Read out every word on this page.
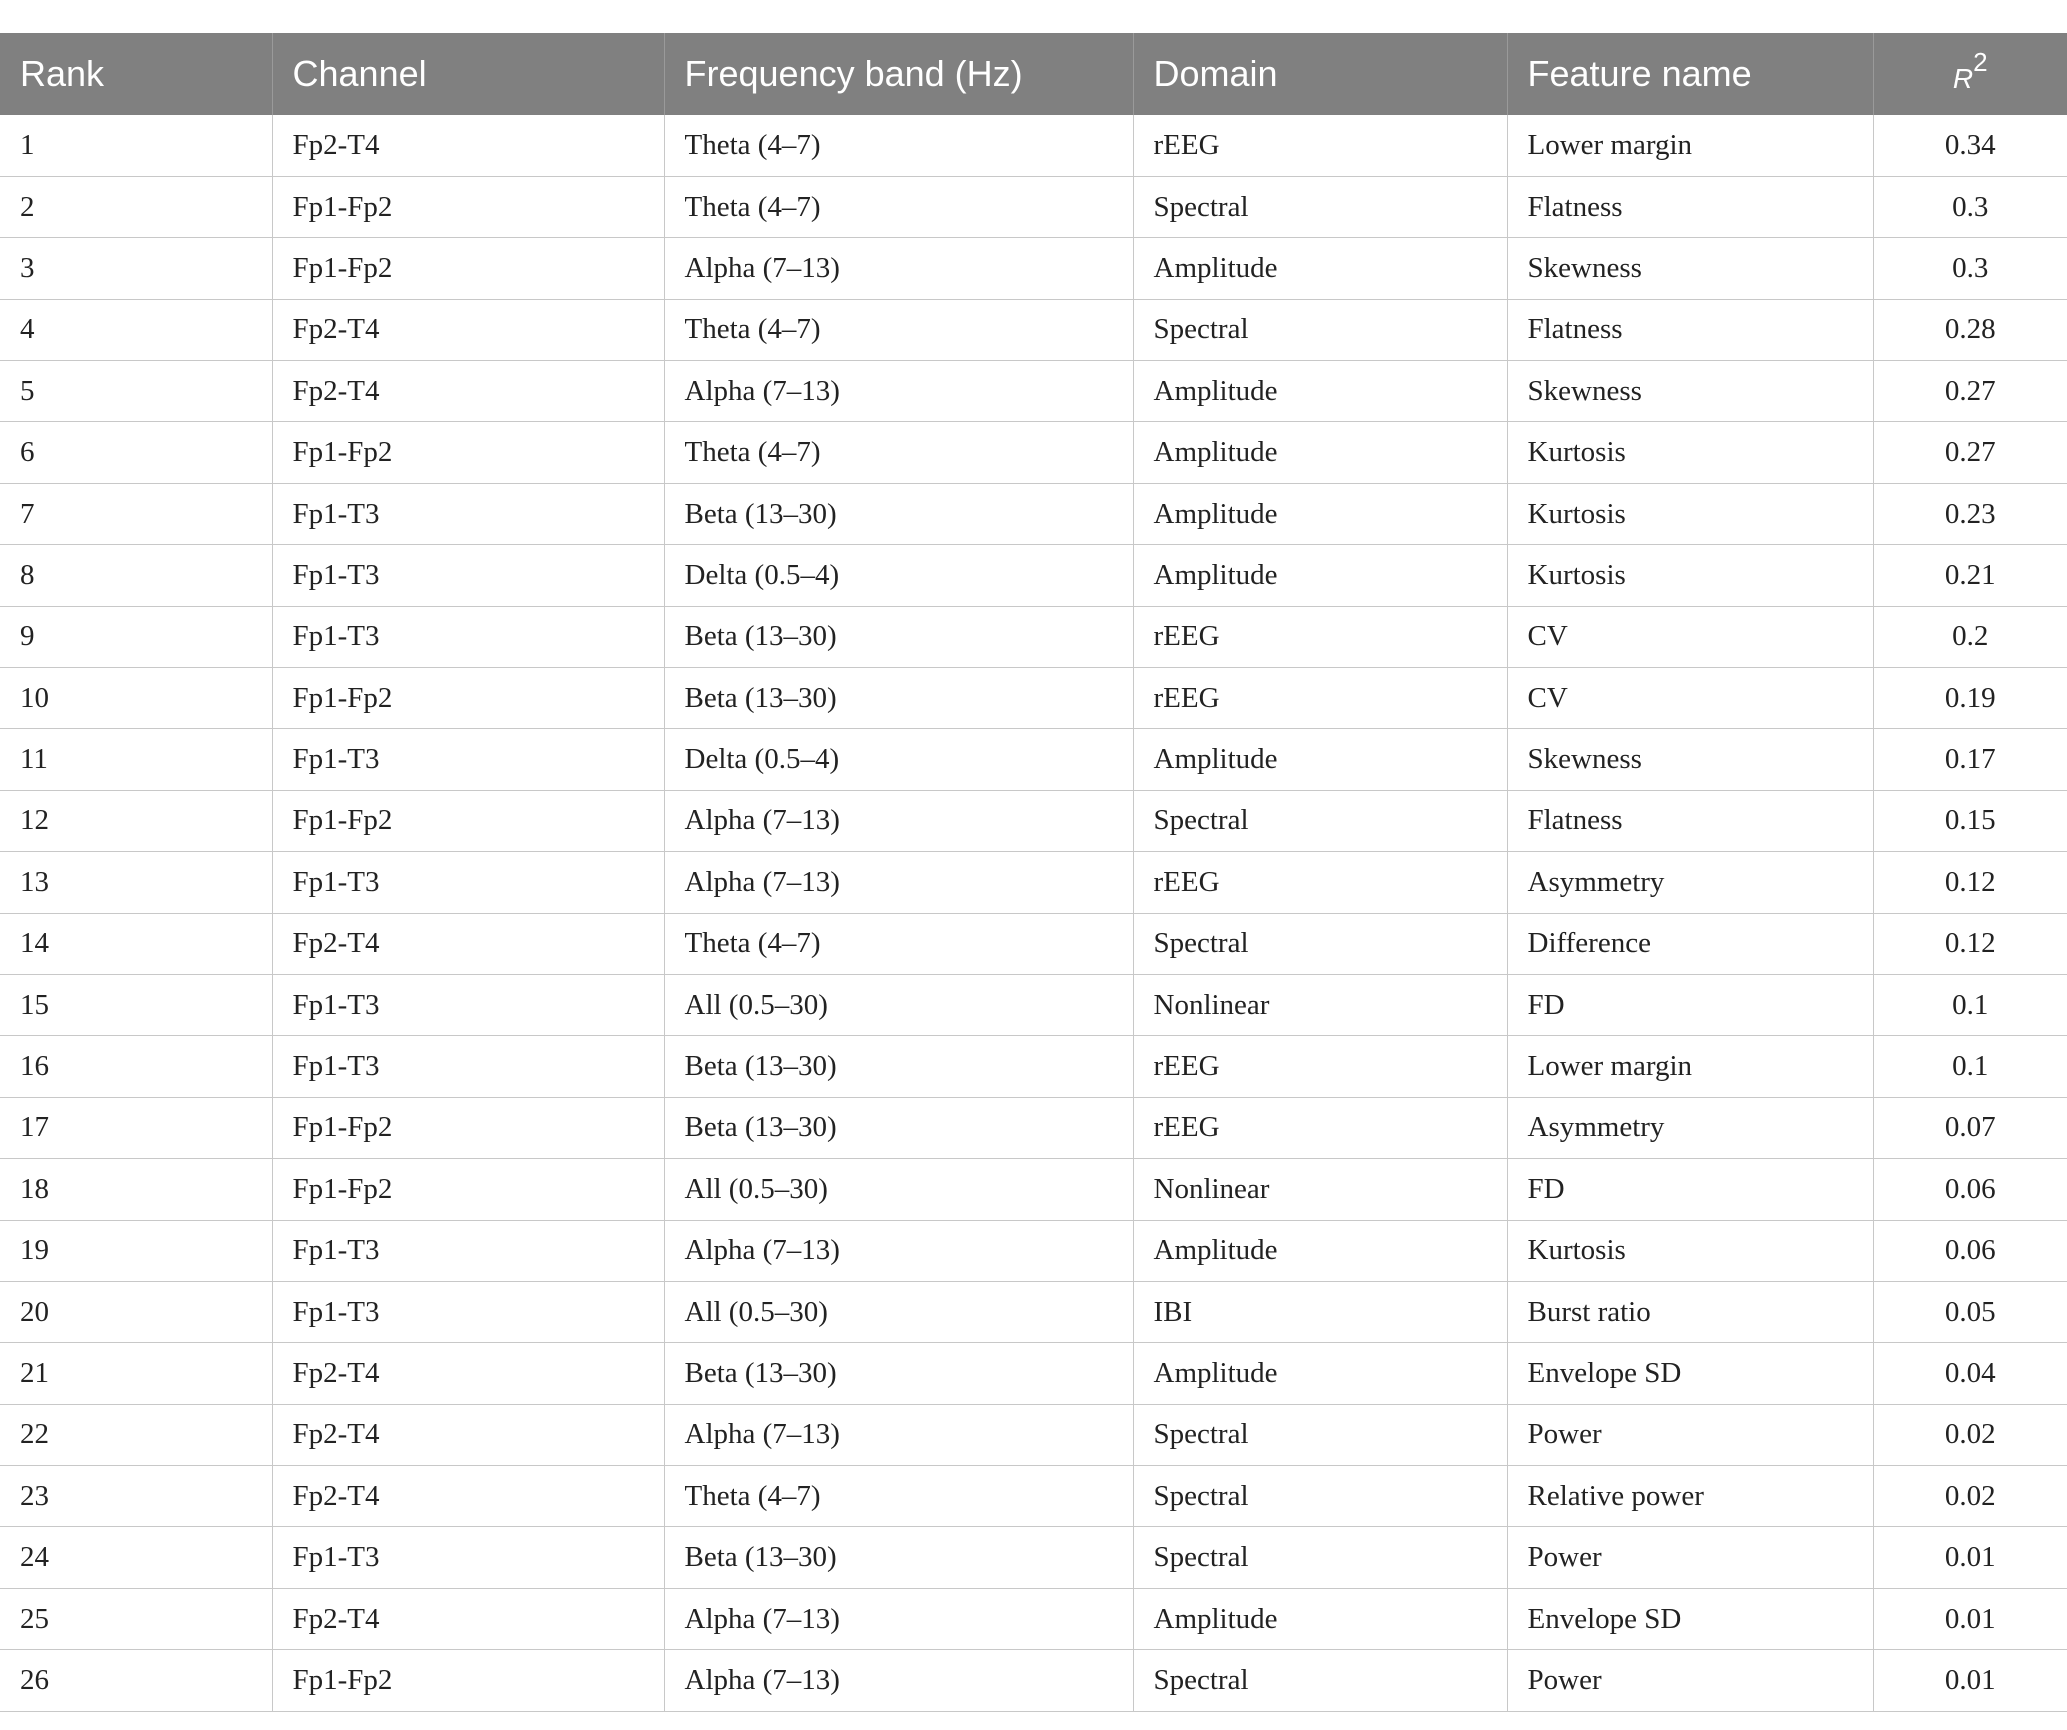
Rank	Channel	Frequency band (Hz)	Domain	Feature name	$R^2$
1	Fp2-T4	Theta (4–7)	rEEG	Lower margin	0.34
2	Fp1-Fp2	Theta (4–7)	Spectral	Flatness	0.3
3	Fp1-Fp2	Alpha (7–13)	Amplitude	Skewness	0.3
4	Fp2-T4	Theta (4–7)	Spectral	Flatness	0.28
5	Fp2-T4	Alpha (7–13)	Amplitude	Skewness	0.27
6	Fp1-Fp2	Theta (4–7)	Amplitude	Kurtosis	0.27
7	Fp1-T3	Beta (13–30)	Amplitude	Kurtosis	0.23
8	Fp1-T3	Delta (0.5–4)	Amplitude	Kurtosis	0.21
9	Fp1-T3	Beta (13–30)	rEEG	CV	0.2
10	Fp1-Fp2	Beta (13–30)	rEEG	CV	0.19
11	Fp1-T3	Delta (0.5–4)	Amplitude	Skewness	0.17
12	Fp1-Fp2	Alpha (7–13)	Spectral	Flatness	0.15
13	Fp1-T3	Alpha (7–13)	rEEG	Asymmetry	0.12
14	Fp2-T4	Theta (4–7)	Spectral	Difference	0.12
15	Fp1-T3	All (0.5–30)	Nonlinear	FD	0.1
16	Fp1-T3	Beta (13–30)	rEEG	Lower margin	0.1
17	Fp1-Fp2	Beta (13–30)	rEEG	Asymmetry	0.07
18	Fp1-Fp2	All (0.5–30)	Nonlinear	FD	0.06
19	Fp1-T3	Alpha (7–13)	Amplitude	Kurtosis	0.06
20	Fp1-T3	All (0.5–30)	IBI	Burst ratio	0.05
21	Fp2-T4	Beta (13–30)	Amplitude	Envelope SD	0.04
22	Fp2-T4	Alpha (7–13)	Spectral	Power	0.02
23	Fp2-T4	Theta (4–7)	Spectral	Relative power	0.02
24	Fp1-T3	Beta (13–30)	Spectral	Power	0.01
25	Fp2-T4	Alpha (7–13)	Amplitude	Envelope SD	0.01
26	Fp1-Fp2	Alpha (7–13)	Spectral	Power	0.01
